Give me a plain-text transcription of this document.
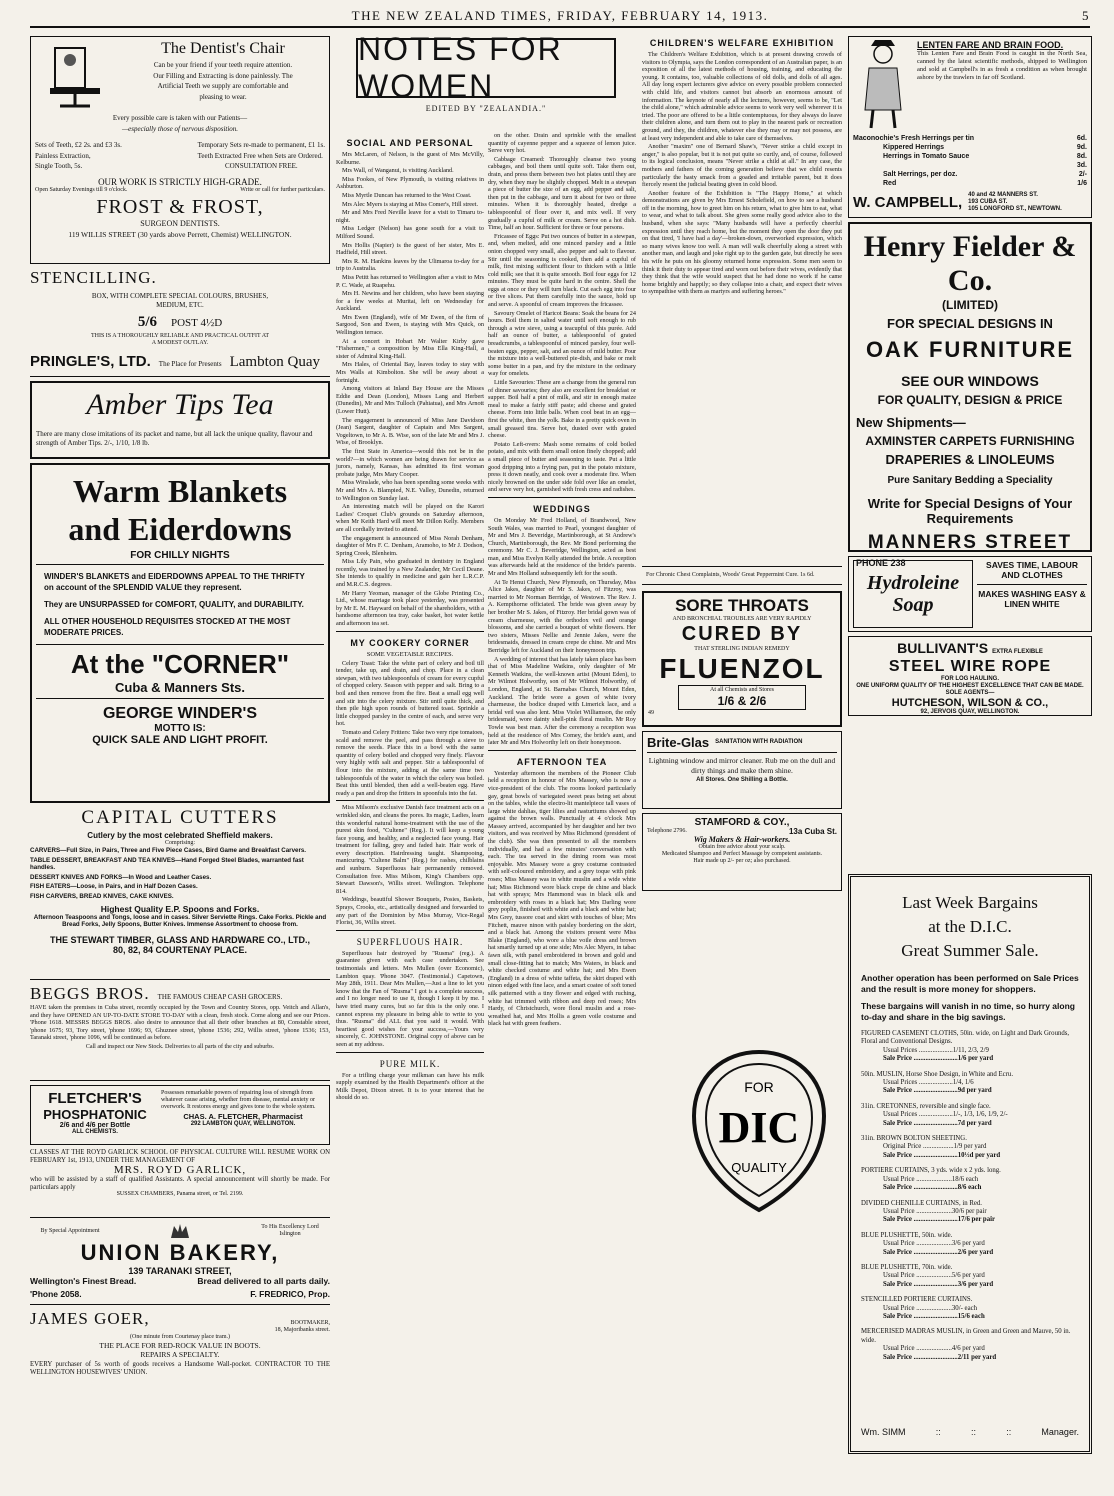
THE NEW ZEALAND TIMES, FRIDAY, FEBRUARY 14, 1913.	5
The Dentist's Chair

Can be your friend if your teeth require attention.

Our Filling and Extracting is done painlessly. The

Artificial Teeth we supply are comfortable and

pleasing to wear.

Every possible care is taken with our Patients—

—especially those of nervous disposition.

Sets of Teeth, £2 2s. and £3 3s.

Painless Extraction,

Single Tooth, 5s.

Temporary Sets re-made to permanent, £1 1s.

Teeth Extracted Free when Sets are Ordered.

CONSULTATION FREE.

OUR WORK IS STRICTLY HIGH-GRADE.
Open Saturday Evenings till 9 o'clock.	Write or call for further particulars.
FROST & FROST,
SURGEON DENTISTS.
119 WILLIS STREET (30 yards above Perrett, Chemist) WELLINGTON.
STENCILLING.
BOX, WITH COMPLETE SPECIAL COLOURS, BRUSHES, MEDIUM, ETC.
5/6 POST 4½D
THIS IS A THOROUGHLY RELIABLE AND PRACTICAL OUTFIT AT A MODEST OUTLAY.
PRINGLE'S, LTD. The Place for Presents Lambton Quay
Amber Tips Tea
There are many close imitations of its packet and name, but all lack the unique quality, flavour and strength of Amber Tips. 2/-, 1/10, 1/8 lb.
Warm Blankets
and Eiderdowns
FOR CHILLY NIGHTS
WINDER'S BLANKETS and EIDERDOWNS APPEAL TO THE THRIFTY on account of the SPLENDID VALUE they represent.
They are UNSURPASSED for COMFORT, QUALITY, and DURABILITY.
ALL OTHER HOUSEHOLD REQUISITES STOCKED AT THE MOST MODERATE PRICES.
At the "CORNER"
Cuba & Manners Sts.
GEORGE WINDER'S
MOTTO IS:
QUICK SALE AND LIGHT PROFIT.
CAPITAL CUTTERS
Cutlery by the most celebrated Sheffield makers.
Comprising:

CARVERS—Full Size, in Pairs, Three and Five Piece Cases, Bird Game and Breakfast Carvers.

TABLE DESSERT, BREAKFAST AND TEA KNIVES—Hand Forged Steel Blades, warranted fast handles.

DESSERT KNIVES AND FORKS—In Wood and Leather Cases.

FISH EATERS—Loose, in Pairs, and in Half Dozen Cases.

FISH CARVERS, BREAD KNIVES, CAKE KNIVES.

Highest Quality E.P. Spoons and Forks.
Afternoon Teaspoons and Tongs, loose and in cases. Silver Serviette Rings. Cake Forks. Pickle and Bread Forks, Jelly Spoons, Butter Knives. Immense Assortment to choose from.
THE STEWART TIMBER, GLASS AND HARDWARE CO., LTD.,
80, 82, 84 COURTENAY PLACE.
BEGGS BROS. THE FAMOUS CHEAP CASH GROCERS.
HAVE taken the premises in Cuba street, recently occupied by the Town and Country Stores, opp. Veitch and Allan's, and they have OPENED AN UP-TO-DATE STORE TO-DAY with a clean, fresh stock. Come along and see our Prices. 'Phone 1618. MESSRS BEGGS BROS. also desire to announce that all their other branches at 80, Constable street, 'phone 1675; 93, Tory street, 'phone 1696; 93, Ghuznee street, 'phone 1536; 292, Willis street, 'phone 1536; 153, Taranaki street, 'phone 1096, will be continued as before.
Call and inspect our New Stock. Deliveries to all parts of the city and suburbs.
FLETCHER'S
PHOSPHATONIC
2/6 and 4/6 per Bottle
ALL CHEMISTS.
Possesses remarkable powers of repairing loss of strength from whatever cause arising, whether from disease, mental anxiety or overwork. It restores energy and gives tone to the whole system.
CHAS. A. FLETCHER, Pharmacist
292 LAMBTON QUAY, WELLINGTON.
CLASSES AT THE ROYD GARLICK SCHOOL OF PHYSICAL CULTURE WILL RESUME WORK ON FEBRUARY 1st, 1913, UNDER THE MANAGEMENT OF
MRS. ROYD GARLICK,
who will be assisted by a staff of qualified Assistants. A special announcement will shortly be made. For particulars apply
SUSSEX CHAMBERS, Panama street, or Tel. 2199.
By Special Appointment
To His Excellency Lord Islington
UNION BAKERY,
139 TARANAKI STREET,
Wellington's Finest Bread.	Bread delivered to all parts daily.
'Phone 2058.	F. FREDRICO, Prop.
JAMES GOER,	BOOTMAKER,
18, Majoribanks street.
(One minute from Courtenay place tram.)
THE PLACE FOR RED-ROCK VALUE IN BOOTS.
REPAIRS A SPECIALTY.
EVERY purchaser of 5s worth of goods receives a Handsome Wall-pocket. CONTRACTOR TO THE WELLINGTON HOUSEWIVES' UNION.
NOTES FOR WOMEN
EDITED BY "ZEALANDIA."
SOCIAL AND PERSONAL

Mrs McLaren, of Nelson, is the guest of Mrs McVilly, Kelburne.

Mrs Wall, of Wanganui, is visiting Auckland.

Miss Fookes, of New Plymouth, is visiting relatives in Ashburton.

Miss Myrtle Duncan has returned to the West Coast.

Mrs Alec Myers is staying at Miss Comer's, Hill street.

Mr and Mrs Fred Neville leave for a visit to Timaru to-night.

Miss Ledger (Nelson) has gone south for a visit to Milford Sound.

Mrs Hollis (Napier) is the guest of her sister, Mrs E. Hadfield, Hill street.

Mrs R. M. Hankins leaves by the Ulimaroa to-day for a trip to Australia.

Miss Petitt has returned to Wellington after a visit to Mrs P. C. Wade, at Ruapehu.

Mrs H. Newins and her children, who have been staying for a few weeks at Muritai, left on Wednesday for Auckland.

Mrs Ewen (England), wife of Mr Ewen, of the firm of Sargood, Son and Ewen, is staying with Mrs Quick, on Wellington terrace.

At a concert in Hobart Mr Walter Kirby gave "Fishermen," a composition by Miss Ella King-Hall, a sister of Admiral King-Hall.

Mrs Hales, of Oriental Bay, leaves today to stay with Mrs Walls at Kimbolton. She will be away about a fortnight.

Among visitors at Inland Bay House are the Misses Eddie and Dean (London), Misses Lang and Herbert (Dunedin), Mr and Mrs Tulloch (Pahiatua), and Mrs Arnott (Lower Hutt).

The engagement is announced of Miss Jane Davidson (Jean) Sargent, daughter of Captain and Mrs Sargent, Vogeltown, to Mr A. B. Wise, son of the late Mr and Mrs J. Wise, of Brooklyn.

The first State in America—would this not be in the world?—in which women are being drawn for service as jurors, namely, Kansas, has admitted its first woman probate judge, Mrs Mary Cooper.

Miss Winslade, who has been spending some weeks with Mr and Mrs A. Blampied, N.E. Valley, Dunedin, returned to Wellington on Sunday last.

An interesting match will be played on the Karori Ladies' Croquet Club's grounds on Saturday afternoon, when Mr Keith Hard will meet Mr Dillon Kelly. Members are all cordially invited to attend.

The engagement is announced of Miss Norah Denham, daughter of Mrs F. C. Denham, Aramoho, to Mr J. Dodson, Spring Creek, Blenheim.

Miss Lily Pain, who graduated in dentistry in England recently, was trained by a New Zealander, Mr Cecil Deane. She intends to qualify in medicine and gain her L.R.C.P. and M.R.C.S. degrees.

Mr Harry Yeoman, manager of the Globe Printing Co., Ltd., whose marriage took place yesterday, was presented by Mr E. M. Hayward on behalf of the shareholders, with a handsome afternoon tea tray, cake basket, hot water kettle and afternoon tea set.

MY COOKERY CORNER
SOME VEGETABLE RECIPES.

Celery Toast: Take the white part of celery and boil till tender, take up, and drain, and chop. Place in a clean stewpan, with two tablespoonfuls of cream for every cupful of chopped celery. Season with pepper and salt. Bring to a boil and then remove from the fire. Beat a small egg well and stir into the celery mixture. Stir until quite thick, and then pile high upon rounds of buttered toast. Sprinkle a little chopped parsley in the centre of each, and serve very hot.

Tomato and Celery Fritters: Take two very ripe tomatoes, scald and remove the peel, and pass through a sieve to remove the seeds. Place this in a bowl with the same quantity of celery boiled and chopped very finely. Flavour very highly with salt and pepper. Stir a tablespoonful of flour into the mixture, adding at the same time two tablespoonfuls of the water in which the celery was boiled. Beat this until blended, then add a well-beaten egg. Have ready a pan and drop the fritters in spoonfuls into the fat.

Miss Milsom's exclusive Danish face treatment acts on a wrinkled skin, and cleans the pores. Its magic, Ladies, learn this wonderful natural home-treatment with the use of the purest skin food, "Cultene" (Reg.). It will keep a young face young, and healthy, and a neglected face young. Hair treatment for falling, grey and faded hair. Hair work of every description. Hairdressing taught. Shampooing, manicuring. "Cultene Balm" (Reg.) for rashes, chilblains and sunburn. Superfluous hair permanently removed. Consultation free. Miss Milsom, King's Chambers opp. Stewart Dawson's, Willis street. Wellington. Telephone 814.

Weddings, beautiful Shower Bouquets, Posies, Baskets, Sprays, Crooks, etc., artistically designed and forwarded to any part of the Dominion by Miss Murray, Vice-Regal Florist, 36, Willis street.

SUPERFLUOUS HAIR.

Superfluous hair destroyed by "Rusma" (reg.). A guarantee given with each case undertaken. See testimonials and letters. Mrs Mullen (over Economic), Lambton quay. 'Phone 3047. (Testimonial.) Capetown, May 28th, 1911. Dear Mrs Mullen,—Just a line to let you know that the Fan of "Rusma" I got is a complete success, and I no longer need to use it, though I keep it by me. I have tried many cures, but so far this is the only one. I cannot express my pleasure in being able to write to you thus. "Rusma" did ALL that you said it would. With heartiest good wishes for your success,—Yours very sincerely, C. JOHNSTONE. Original copy of above can be seen at my address.

PURE MILK.

For a trifling charge your milkman can have his milk supply examined by the Health Department's officer at the Milk Depot, Dixon street. It is to your interest that he should do so.

on the other. Drain and sprinkle with the smallest quantity of cayenne pepper and a squeeze of lemon juice. Serve very hot.

Cabbage Creamed: Thoroughly cleanse two young cabbages, and boil them until quite soft. Take them out, drain, and press them between two hot plates until they are dry, when they may be slightly chopped. Melt in a stewpan a piece of butter the size of an egg, add pepper and salt, then put in the cabbage, and turn it about for two or three minutes. When it is thoroughly heated, dredge a tablespoonful of flour over it, and mix well. If very gradually a cupful of milk or cream. Serve on a hot dish. Time, half an hour. Sufficient for three or four persons.

Fricassee of Eggs: Put two ounces of butter in a stewpan, and, when melted, add one minced parsley and a little onion chopped very small, also pepper and salt to flavour. Stir until the seasoning is cooked, then add a cupful of milk, first mixing sufficient flour to thicken with a little cold milk; see that it is quite smooth. Boil four eggs for 12 minutes. They must be quite hard in the centre. Shell the eggs at once or they will turn black. Cut each egg into four or five slices. Put them carefully into the sauce, hold up and serve. A spoonful of cream improves the fricassee.

Savoury Omelet of Haricot Beans: Soak the beans for 24 hours. Boil them in salted water until soft enough to rub through a wire sieve, using a teacupful of this purée. Add half an ounce of butter, a tablespoonful of grated breadcrumbs, a tablespoonful of minced parsley, four well-beaten eggs, pepper, salt, and an ounce of mild butter. Pour the mixture into a well-buttered pie-dish, and bake or melt some butter in a pan, and fry the mixture in the ordinary way for omelets.

Little Savouries: These are a change from the general run of dinner savouries; they also are excellent for breakfast or supper. Boil half a pint of milk, and stir in enough maize meal to make a fairly stiff paste; add cheese and grated cheese. Form into little balls. When cool beat in an egg—first the white, then the yolk. Bake in a pretty quick oven in small greased tins. Serve hot, dusted over with grated cheese.

Potato Left-overs: Mash some remains of cold boiled potato, and mix with them small onion finely chopped; add a small piece of butter and seasoning to taste. Put a little good dripping into a frying pan, put in the potato mixture, press it down neatly, and cook over a moderate fire. When nicely browned on the under side fold over like an omelet, and serve very hot, garnished with fresh cress and radishes.

WEDDINGS

On Monday Mr Fred Holland, of Brandwood, New South Wales, was married to Pearl, youngest daughter of Mr and Mrs J. Beveridge, Martinborough, at St Andrew's Church, Martinborough, the Rev. Mr Bond performing the ceremony. Mr C. J. Beveridge, Wellington, acted as best man, and Miss Evelyn Kelly attended the bride. A reception was afterwards held at the residence of the bride's parents. Mr and Mrs Holland subsequently left for the south.

At Te Henui Church, New Plymouth, on Thursday, Miss Alice Jakes, daughter of Mr S. Jakes, of Fitzroy, was married to Mr Norman Berridge, of Westown. The Rev. J. A. Kempthorne officiated. The bride was given away by her brother Mr S. Jakes, of Fitzroy. Her bridal gown was of cream charmeuse, with the orthodox veil and orange blossoms, and she carried a bouquet of white flowers. Her two sisters, Misses Nellie and Jennie Jakes, were the bridesmaids, dressed in cream crepe de chine. Mr and Mrs Berridge left for Auckland on their honeymoon trip.

A wedding of interest that has lately taken place has been that of Miss Madeline Watkins, only daughter of Mr Kenneth Watkins, the well-known artist (Mount Eden), to Mr Wilmot Holworthy, son of Mr Wilmot Holworthy, of London, England, at St. Barnabas Church, Mount Eden, Auckland. The bride wore a gown of white ivory charmeuse, the bodice draped with Limerick lace, and a bridal veil was also lent. Miss Violet Williamson, the only bridesmaid, wore dainty shell-pink floral muslin. Mr Roy Towle was best man. After the ceremony a reception was held at the residence of Mrs Comey, the bride's aunt, and later Mr and Mrs Holworthy left on their honeymoon.

AFTERNOON TEA

Yesterday afternoon the members of the Pioneer Club held a reception in honour of Mrs Massey, who is now a vice-president of the club. The rooms looked particularly gay, great bowls of variegated sweet peas being set about on the tables, while the electro-lit mantelpiece tall vases of large white dahlias, tiger lilies and nasturtiums showed up against the brown walls. Punctually at 4 o'clock Mrs Massey arrived, accompanied by her daughter and her two visitors, and was received by Miss Richmond (president of the club). She was then presented to all the members individually, and had a few minutes' conversation with each. The tea served in the dining room was most enjoyable. Mrs Massey wore a grey costume contrasted with self-coloured embroidery, and a grey toque with pink roses; Miss Massey was in white muslin and a wide white hat; Miss Richmond wore black crepe de chine and black hat with sprays; Mrs Hammond was in black silk and embroidery with roses in a black hat; Mrs Darling wore grey poplin, finished with white and a black and white hat; Mrs Grey, tussore coat and skirt with touches of blue; Mrs Fitchett, mauve ninon with paisley bordering on the skirt, and a black hat. Among the visitors present were Miss Blake (England), who wore a blue voile dress and brown hat smartly turned up at one side; Mrs Alec Myers, in tabac fawn silk, with panel embroidered in brown and gold and small close-fitting hat to match; Mrs Waters, in black and white checked costume and white hat; and Mrs Ewen (England) in a dress of white taffeta, the skirt draped with ninon edged with fine lace, and a smart coatee of soft toned silk patterned with a tiny flower and edged with ruching, white hat trimmed with ribbon and deep red roses; Mrs Hardy, of Christchurch, wore floral muslin and a rose-wreathed hat, and Mrs Hollis a green voile costume and black hat with green feathers.

CHILDREN'S WELFARE EXHIBITION

The Children's Welfare Exhibition, which is at present drawing crowds of visitors to Olympia, says the London correspondent of an Australian paper, is an exposition of all the latest methods of housing, training, and educating the young. It contains, too, valuable collections of old dolls, and dolls of all ages. All day long expert lecturers give advice on every possible problem connected with child life, and visitors cannot but absorb an enormous amount of information. The keynote of nearly all the lectures, however, seems to be, "Let the child alone," which admirable advice seems to work very well wherever it is tried. The poor are offered to be a little contemptuous, for they always do leave their children alone, and turn them out to play in the nearest park or recreation ground, and they, the children, whatever else they may or may not possess, are at least very independent and able to take care of themselves.

Another "maxim" one of Bernard Shaw's, "Never strike a child except in anger," is also popular, but it is not put quite so curtly, and, of course, followed to its logical conclusion, means "Never strike a child at all." In any case, the mothers and fathers of the coming generation believe that we child resents particularly the hasty smack from a goaded and irritable parent, but it does fiercely resent the judicial beating given in cold blood.

Another feature of the Exhibition is "The Happy Home," at which demonstrations are given by Mrs Ernest Scholefield, on how to see a husband off in the morning, how to greet him on his return, what to give him to eat, what to wear, and what to talk about. She gives some really good advice also to the husband, when she says: "Many husbands will have a perfectly cheerful expression until they reach home, but the moment they open the door they put on that tired, 'I have had a day'—broken-down, overworked expression, which so many wives know too well. A man will walk cheerfully along a street with another man, and laugh and joke right up to the garden gate, but directly he sees his wife he puts on his gloomy returned home expression. Some men seem to think it their duty to appear tired and worn out before their wives, evidently that they think that the wife would suspect that he had done no work if he came home brightly and happily; so they collapse into a chair, and expect their wives to sympathise with them as martyrs and suffering heroes."

For Chronic Chest Complaints, Woods' Great Peppermint Cure. 1s 6d.
SORE THROATS
AND BRONCHIAL TROUBLES ARE VERY RAPIDLY
CURED BY
THAT STERLING INDIAN REMEDY
FLUENZOL
At all Chemists and Stores
1/6 & 2/6
49
Brite-Glas SANITATION WITH RADIATION
Lightning window and mirror cleaner. Rub me on the dull and dirty things and make them shine.
All Stores. One Shilling a Bottle.
STAMFORD & COY.,
Telephone 2796.	13a Cuba St.
Wig Makers & Hair-workers.
Obtain free advice about your scalp.
Medicated Shampoo and Perfect Massage by competent assistants.
Hair made up 2/- per oz; also purchased.
LENTEN FARE AND BRAIN FOOD.
This Lenten Fare and Brain Food is caught in the North Sea, canned by the latest scientific methods, shipped to Wellington and sold at Campbell's in as fresh a condition as when brought ashore by the trawlers in far off Scotland.
Maconochie's Fresh Herrings per tin	6d.
Kippered Herrings	9d.
Herrings in Tomato Sauce	8d.
3d.
Salt Herrings, per doz.	2/-
Red	1/6
W. CAMPBELL, 40 and 42 MANNERS ST.
193 CUBA ST.
105 LONGFORD ST., NEWTOWN.
Henry Fielder & Co.
(LIMITED)
FOR SPECIAL DESIGNS IN
OAK FURNITURE
SEE OUR WINDOWS
FOR QUALITY, DESIGN & PRICE
New Shipments—
AXMINSTER CARPETS FURNISHING
DRAPERIES & LINOLEUMS
Pure Sanitary Bedding a Speciality
Write for Special Designs of Your Requirements
MANNERS STREET
PHONE 238
Hydroleine Soap
SAVES TIME, LABOUR AND CLOTHES
MAKES WASHING EASY & LINEN WHITE
BULLIVANT'S EXTRA FLEXIBLE
STEEL WIRE ROPE
FOR LOG HAULING.
ONE UNIFORM QUALITY OF THE HIGHEST EXCELLENCE THAT CAN BE MADE.
SOLE AGENTS—
HUTCHESON, WILSON & CO.,
92, JERVOIS QUAY, WELLINGTON.
Last Week Bargains
at the D.I.C.
Great Summer Sale.
Another operation has been performed on Sale Prices and the result is more money for shoppers.
These bargains will vanish in no time, so hurry along to-day and share in the big savings.
FIGURED CASEMENT CLOTHS, 50in. wide, on Light and Dark Grounds, Floral and Conventional Designs.
Usual Prices ....................1/11, 2/3, 2/9
Sale Price ..........................1/6 per yard
50in. MUSLIN, Horse Shoe Design, in White and Ecru.
Usual Prices ....................1/4, 1/6
Sale Price ..........................9d per yard
31in. CRETONNES, reversible and single face.
Usual Prices ....................1/-, 1/3, 1/6, 1/9, 2/-
Sale Price ..........................7d per yard
31in. BROWN BOLTON SHEETING.
Original Price ..................1/9 per yard
Sale Price ..........................10½d per yard
PORTIERE CURTAINS, 3 yds. wide x 2 yds. long.
Usual Price .....................18/6 each
Sale Price ..........................8/6 each
DIVIDED CHENILLE CURTAINS, in Red.
Usual Price .....................30/6 per pair
Sale Price ..........................17/6 per pair
BLUE PLUSHETTE, 50in. wide.
Usual Price .....................3/6 per yard
Sale Price ..........................2/6 per yard
BLUE PLUSHETTE, 70in. wide.
Usual Price .....................5/6 per yard
Sale Price ..........................3/6 per yard
STENCILLED PORTIERE CURTAINS.
Usual Price .....................30/- each
Sale Price ..........................15/6 each
MERCERISED MADRAS MUSLIN, in Green and Green and Mauve, 50 in. wide.
Usual Price .....................4/6 per yard
Sale Price ..........................2/11 per yard
Wm. SIMM	::	::	::	Manager.
FOR
DIC
QUALITY
